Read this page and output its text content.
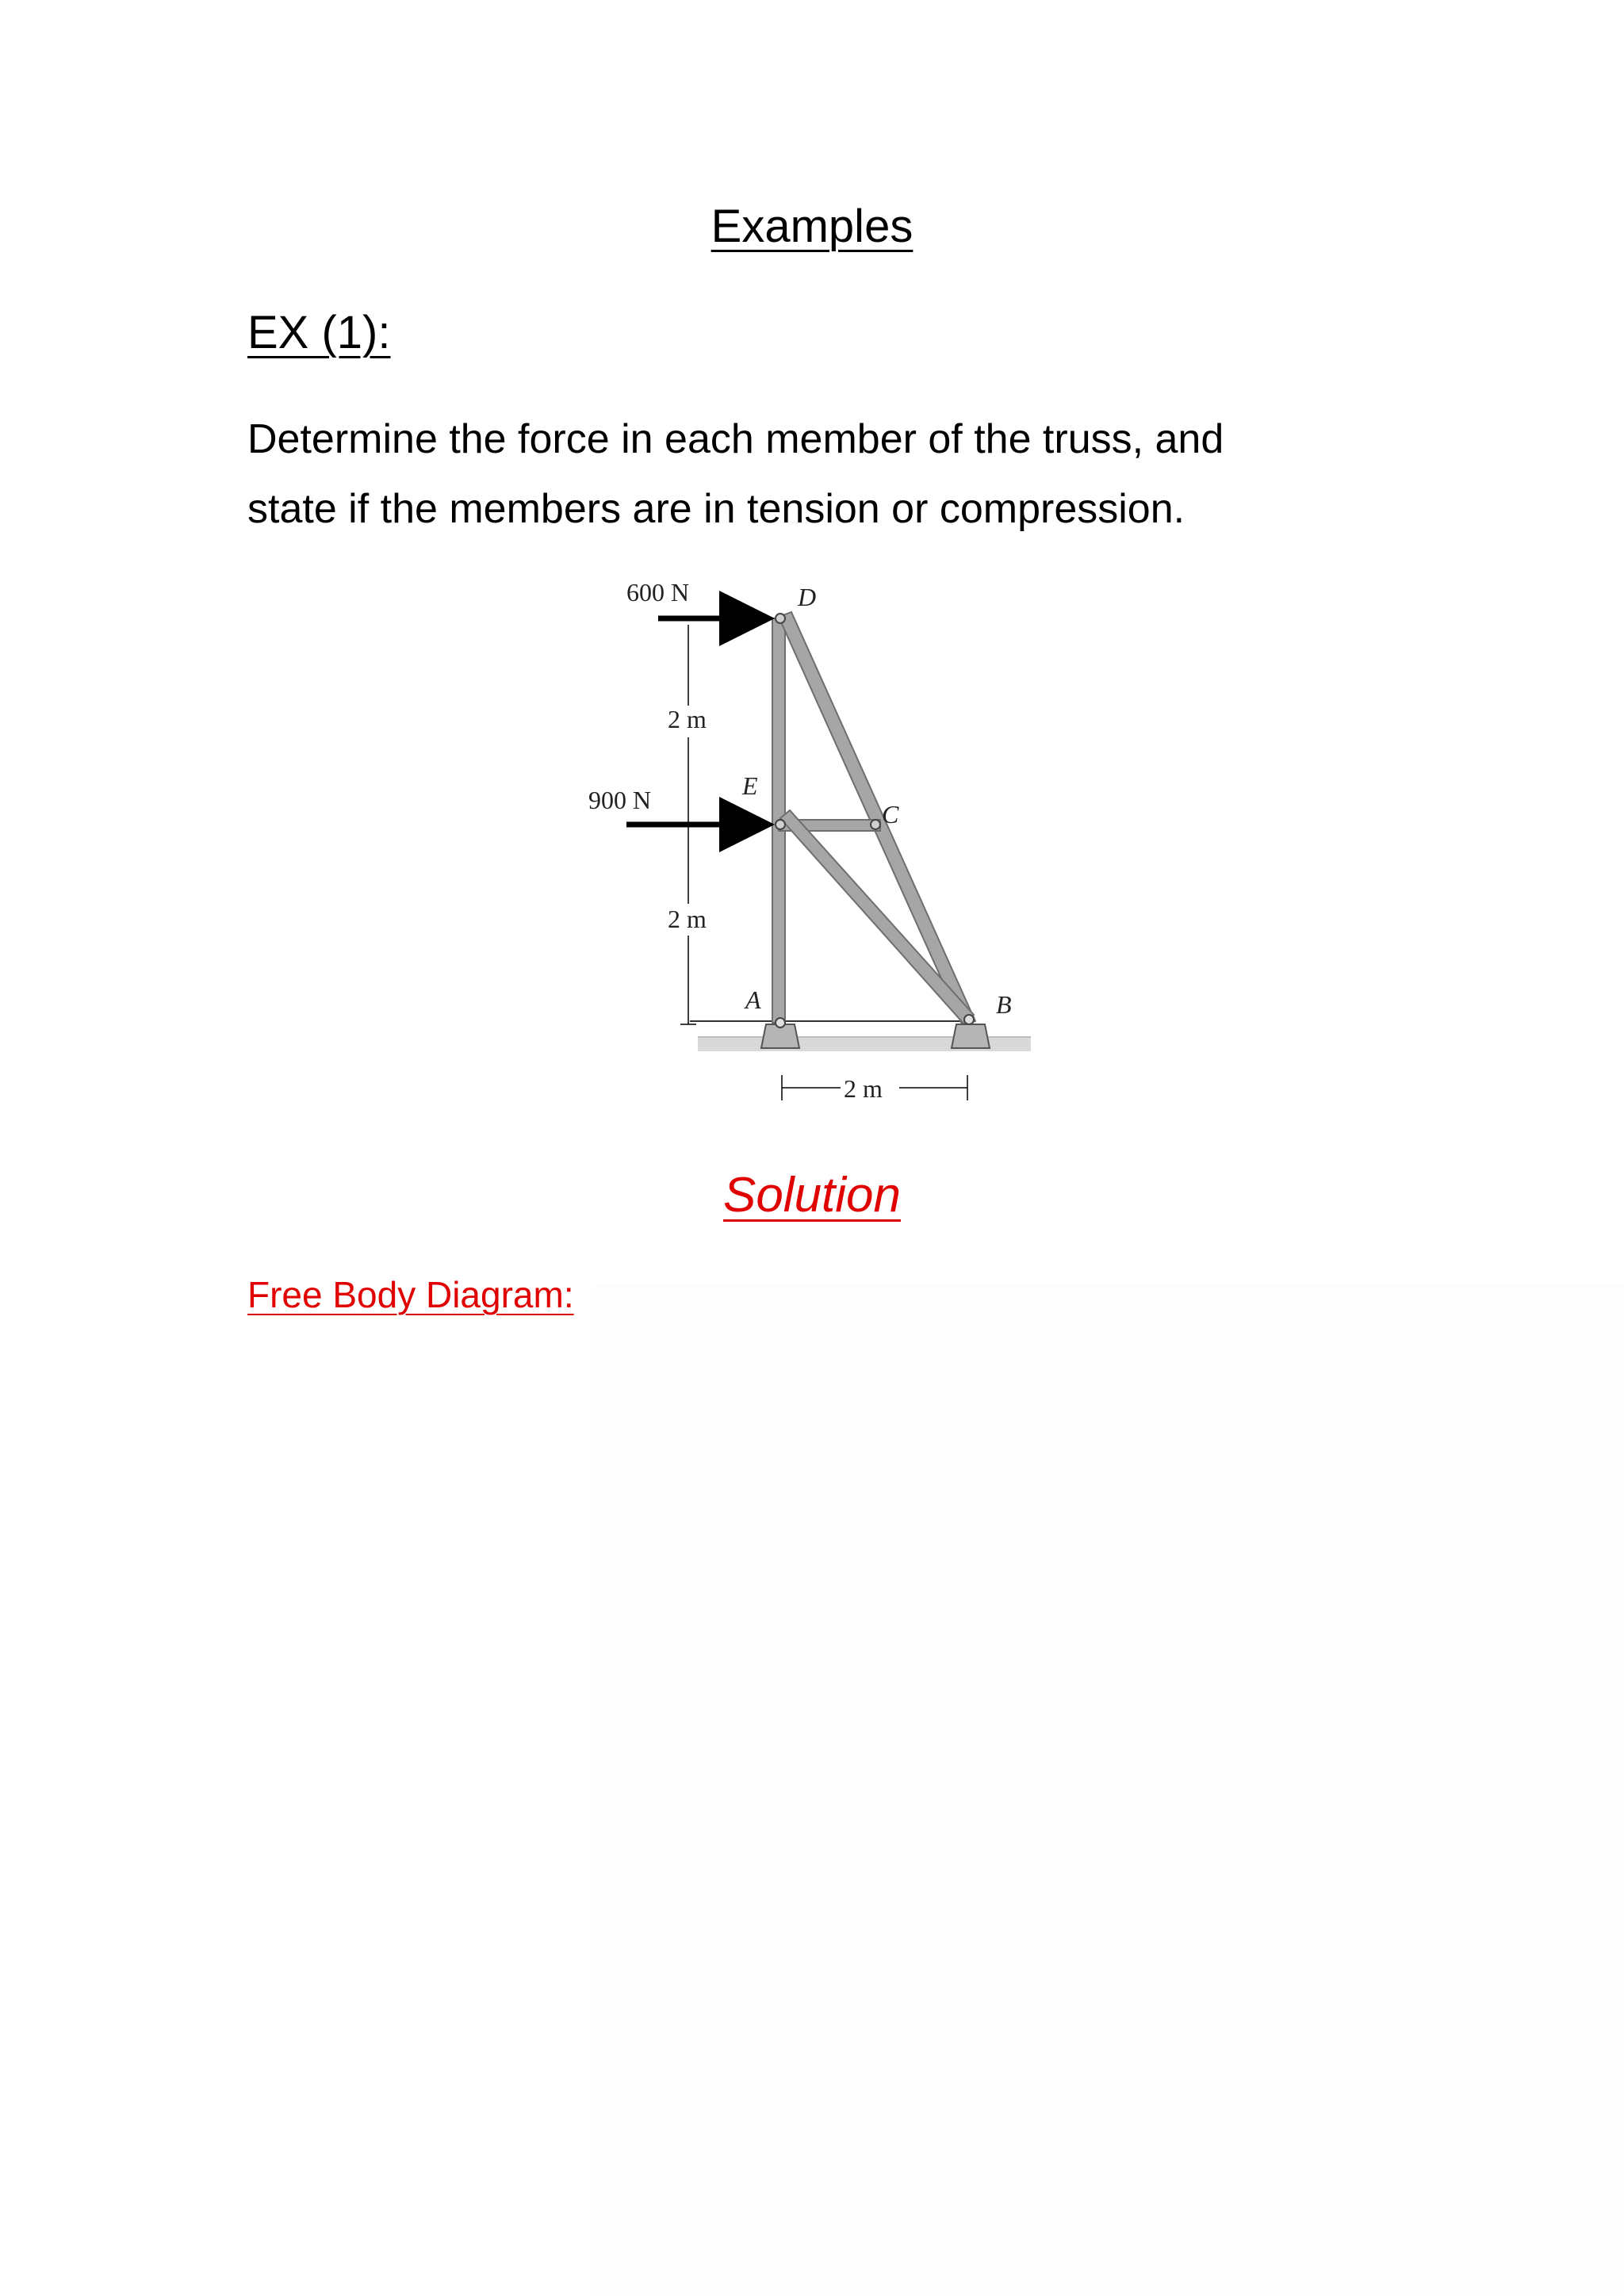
Examples
EX (1):

Determine the force in each member of the truss, and

state if the members are in tension or compression.

600 N
900 N
2 m
2 m
2 m
D
E
C
A	B
Solution
Free Body Diagram:
